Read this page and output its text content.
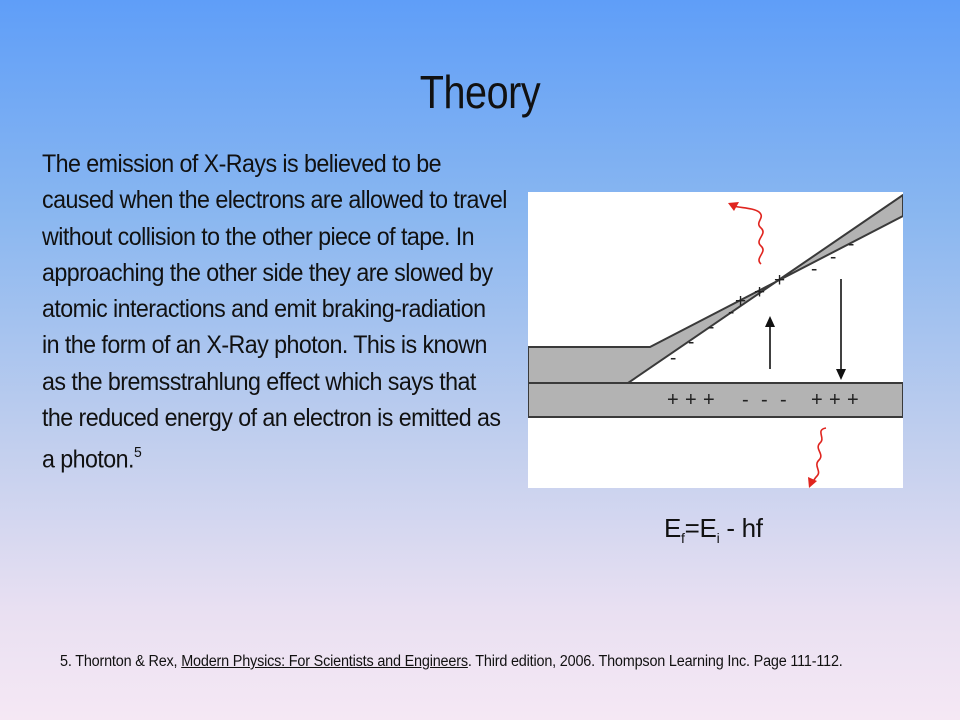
Theory

The emission of X-Rays is believed to be caused when the electrons are allowed to travel without collision to the other piece of tape. In approaching the other side they are slowed by atomic interactions and emit braking-radiation in the form of an X-Ray photon. This is known as the bremsstrahlung effect which says that the reduced energy of an electron is emitted as a photon.$^5$

-
-
-
-
+ +
+
-
-
-
+ + + - - - + + +
$E_f=E_i$ - hf

5. Thornton & Rex, Modern Physics: For Scientists and Engineers. Third edition, 2006. Thompson Learning Inc. Page 111-112.
